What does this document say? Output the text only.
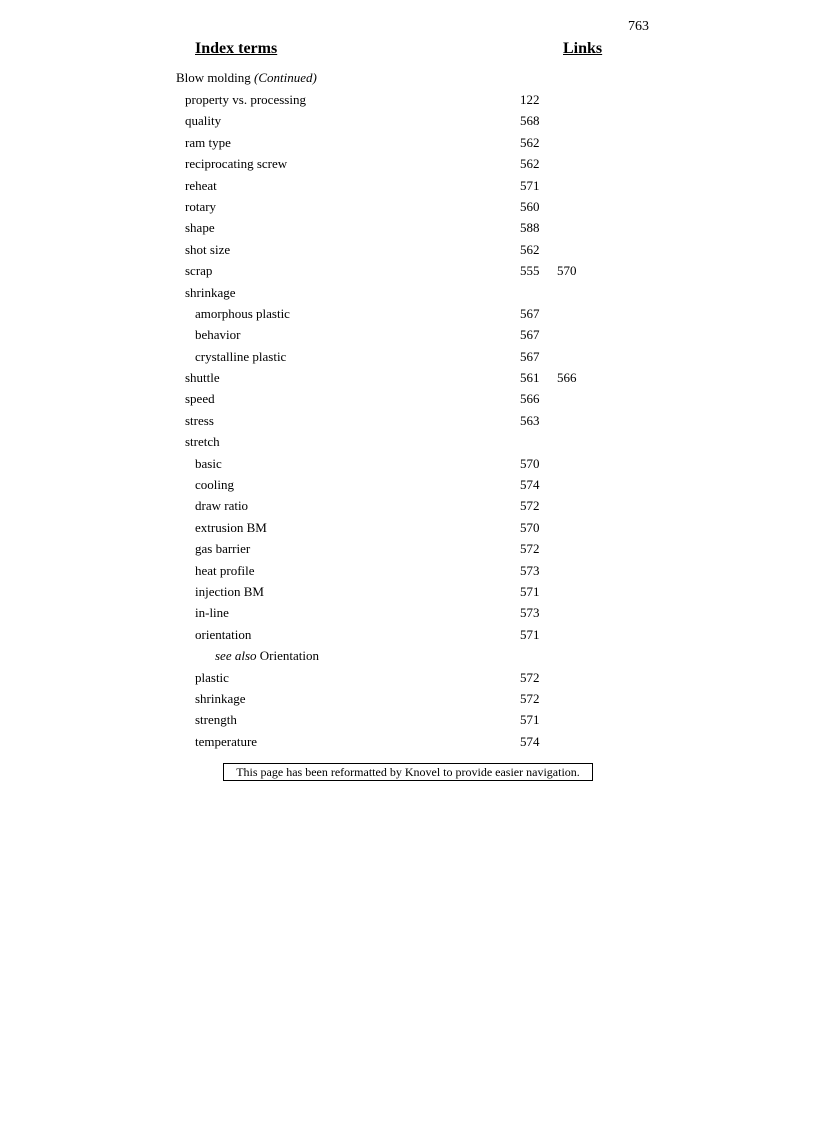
763
Index terms	Links
Blow molding (Continued)
property vs. processing	122
quality	568
ram type	562
reciprocating screw	562
reheat	571
rotary	560
shape	588
shot size	562
scrap	555 570
shrinkage
amorphous plastic	567
behavior	567
crystalline plastic	567
shuttle	561 566
speed	566
stress	563
stretch
basic	570
cooling	574
draw ratio	572
extrusion BM	570
gas barrier	572
heat profile	573
injection BM	571
in-line	573
orientation	571
see also Orientation
plastic	572
shrinkage	572
strength	571
temperature	574
This page has been reformatted by Knovel to provide easier navigation.
